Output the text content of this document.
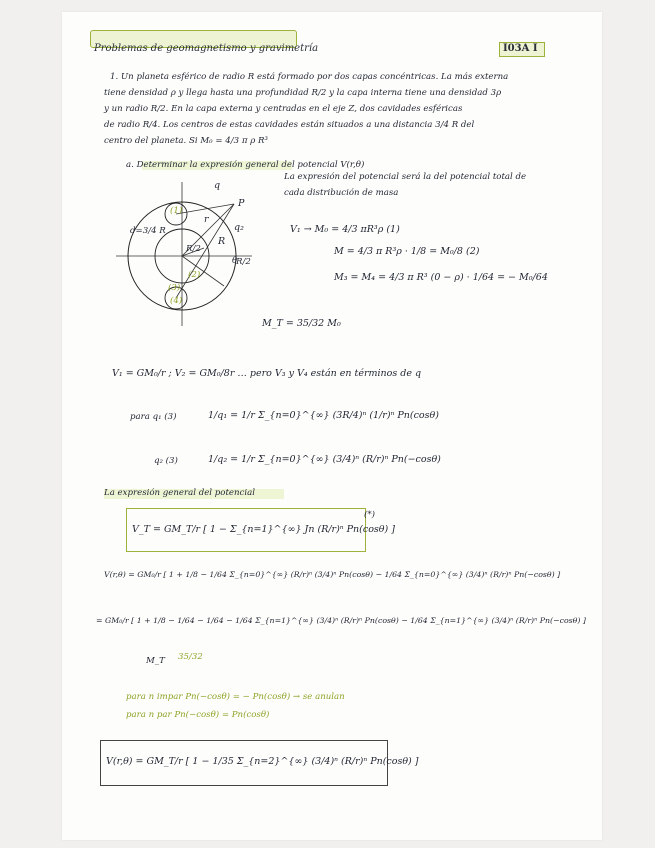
Problemas de geomagnetismo y gravimetría	I03A I
1. Un planeta esférico de radio R está formado por dos capas concéntricas. La más externa
tiene densidad ρ y llega hasta una profundidad R/2 y la capa interna tiene una densidad 3ρ
y un radio R/2. En la capa externa y centradas en el eje Z, dos cavidades esféricas
de radio R/4. Los centros de estas cavidades están situados a una distancia 3/4 R del
centro del planeta. Si M₀ = 4/3 π ρ R³
a. Determinar la expresión general del potencial V(r,θ)
q
P
r
q₂
R
d=3/4 R
R/2
R/2
θ
(1)
(2)
(3)
(4)
La expresión del potencial será la del potencial total de
cada distribución de masa
V₁ → M₀ = 4/3 πR³ρ (1)
M = 4/3 π R³ρ · 1/8 = M₀/8 (2)
M₃ = M₄ = 4/3 π R³ (0 − ρ) · 1/64 = − M₀/64
M_T = 35/32 M₀
V₁ = GM₀/r ; V₂ = GM₀/8r … pero V₃ y V₄ están en términos de q
para q₁ (3)	1/q₁ = 1/r Σ_{n=0}^{∞} (3R/4)ⁿ (1/r)ⁿ Pn(cosθ)
q₂ (3)	1/q₂ = 1/r Σ_{n=0}^{∞} (3/4)ⁿ (R/r)ⁿ Pn(−cosθ)
La expresión general del potencial
V_T = GM_T/r [ 1 − Σ_{n=1}^{∞} Jn (R/r)ⁿ Pn(cosθ) ]
(*)
V(r,θ) = GM₀/r [ 1 + 1/8 − 1/64 Σ_{n=0}^{∞} (R/r)ⁿ (3/4)ⁿ Pn(cosθ) − 1/64 Σ_{n=0}^{∞} (3/4)ⁿ (R/r)ⁿ Pn(−cosθ) ]
= GM₀/r [ 1 + 1/8 − 1/64 − 1/64 − 1/64 Σ_{n=1}^{∞} (3/4)ⁿ (R/r)ⁿ Pn(cosθ) − 1/64 Σ_{n=1}^{∞} (3/4)ⁿ (R/r)ⁿ Pn(−cosθ) ]
M_T 35/32
para n impar Pn(−cosθ) = − Pn(cosθ) → se anulan
para n par Pn(−cosθ) = Pn(cosθ)
V(r,θ) = GM_T/r [ 1 − 1/35 Σ_{n=2}^{∞} (3/4)ⁿ (R/r)ⁿ Pn(cosθ) ]
